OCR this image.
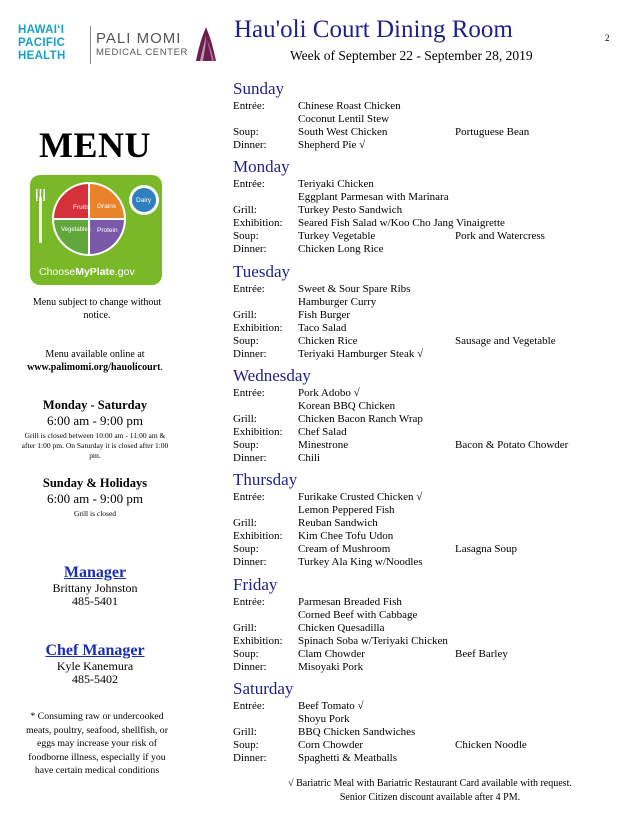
HAWAIʻI
PACIFIC
HEALTH
PALI MOMI
MEDICAL CENTER
Hau'oli Court Dining Room
Week of September 22 - September 28, 2019
2
MENU
Fruits Grains
Vegetables Protein
Dairy
ChooseMyPlate.gov
Menu subject to change without notice.
Menu available online at
www.palimomi.org/hauolicourt.
Monday - Saturday
6:00 am - 9:00 pm
Grill is closed between 10:00 am - 11:00 am & after 1:00 pm. On Saturday it is closed after 1:00 pm.
Sunday & Holidays
6:00 am - 9:00 pm
Grill is closed
Manager
Brittany Johnston
485-5401
Chef Manager
Kyle Kanemura
485-5402
* Consuming raw or undercooked meats, poultry, seafood, shellfish, or eggs may increase your risk of foodborne illness, especially if you have certain medical conditions
Sunday
Entrée:	Chinese Roast Chicken
Coconut Lentil Stew
Soup:	South West Chicken	Portuguese Bean
Dinner:	Shepherd Pie √
Monday
Entrée:	Teriyaki Chicken
Eggplant Parmesan with Marinara
Grill:	Turkey Pesto Sandwich
Exhibition: Seared Fish Salad w/Koo Cho Jang Vinaigrette
Soup:	Turkey Vegetable	Pork and Watercress
Dinner:	Chicken Long Rice
Tuesday
Entrée:	Sweet & Sour Spare Ribs
Hamburger Curry
Grill:	Fish Burger
Exhibition: Taco Salad
Soup:	Chicken Rice	Sausage and Vegetable
Dinner:	Teriyaki Hamburger Steak √
Wednesday
Entrée:	Pork Adobo √
Korean BBQ Chicken
Grill:	Chicken Bacon Ranch Wrap
Exhibition: Chef Salad
Soup:	Minestrone	Bacon & Potato Chowder
Dinner:	Chili
Thursday
Entrée:	Furikake Crusted Chicken √
Lemon Peppered Fish
Grill:	Reuban Sandwich
Exhibition: Kim Chee Tofu Udon
Soup:	Cream of Mushroom	Lasagna Soup
Dinner:	Turkey Ala King w/Noodles
Friday
Entrée:	Parmesan Breaded Fish
Corned Beef with Cabbage
Grill:	Chicken Quesadilla
Exhibition: Spinach Soba w/Teriyaki Chicken
Soup:	Clam Chowder	Beef Barley
Dinner:	Misoyaki Pork
Saturday
Entrée:	Beef Tomato √
Shoyu Pork
Grill:	BBQ Chicken Sandwiches
Soup:	Corn Chowder	Chicken Noodle
Dinner:	Spaghetti & Meatballs
√ Bariatric Meal with Bariatric Restaurant Card available with request.
Senior Citizen discount available after 4 PM.
